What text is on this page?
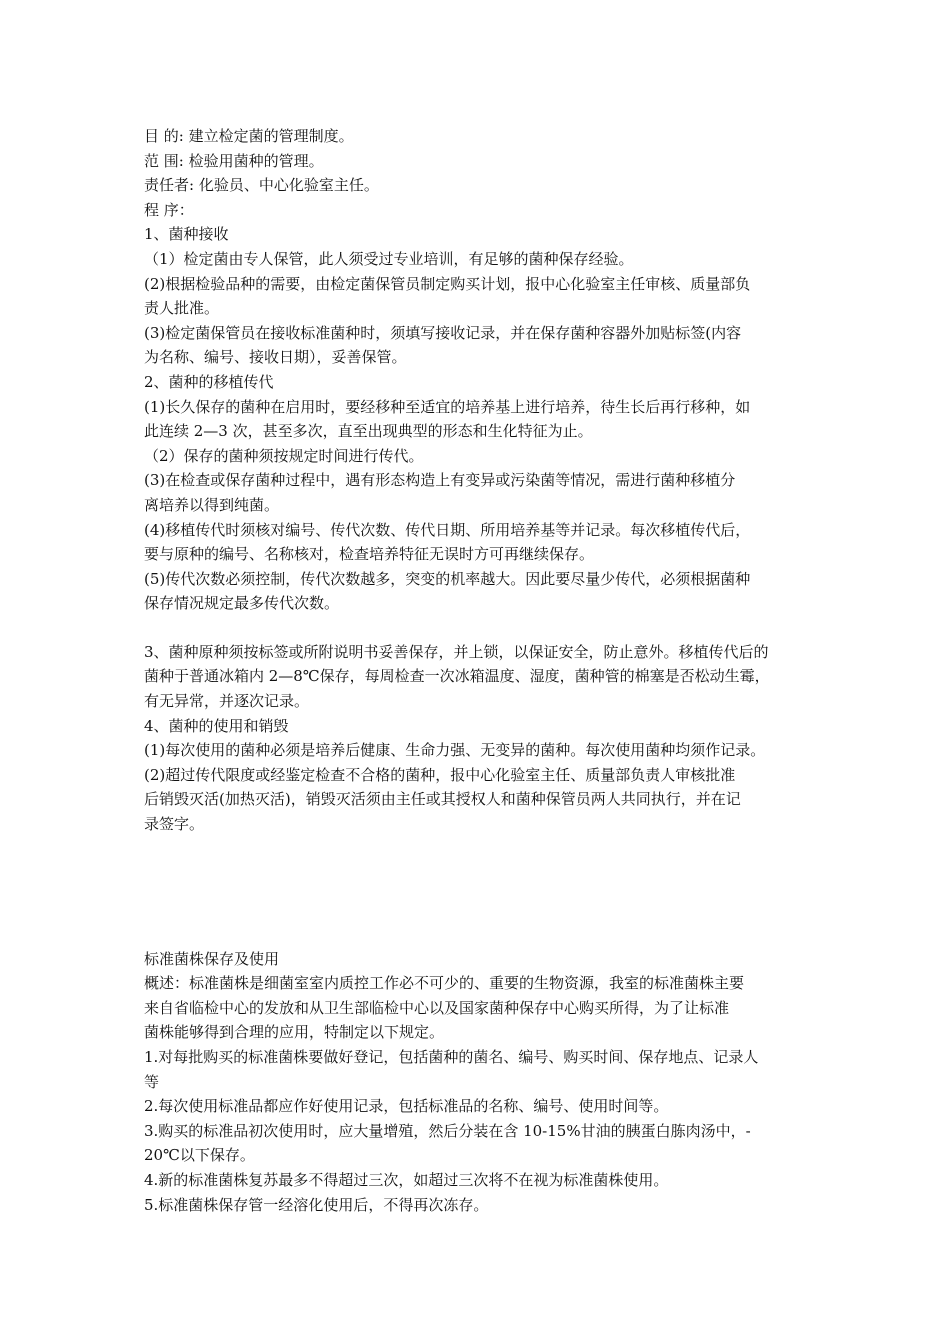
目 的: 建立检定菌的管理制度。
范 围: 检验用菌种的管理。
责任者: 化验员、中心化验室主任。
程 序：
1、菌种接收
（1）检定菌由专人保管，此人须受过专业培训，有足够的菌种保存经验。
(2)根据检验品种的需要，由检定菌保管员制定购买计划，报中心化验室主任审核、质量部负
责人批准。
(3)检定菌保管员在接收标准菌种时，须填写接收记录，并在保存菌种容器外加贴标签(内容
为名称、编号、接收日期），妥善保管。
2、菌种的移植传代
(1)长久保存的菌种在启用时，要经移种至适宜的培养基上进行培养，待生长后再行移种，如
此连续 2—3 次，甚至多次，直至出现典型的形态和生化特征为止。
（2）保存的菌种须按规定时间进行传代。
(3)在检查或保存菌种过程中，遇有形态构造上有变异或污染菌等情况，需进行菌种移植分
离培养以得到纯菌。
(4)移植传代时须核对编号、传代次数、传代日期、所用培养基等并记录。每次移植传代后，
要与原种的编号、名称核对，检查培养特征无误时方可再继续保存。
(5)传代次数必须控制，传代次数越多，突变的机率越大。因此要尽量少传代，必须根据菌种
保存情况规定最多传代次数。
3、菌种原种须按标签或所附说明书妥善保存，并上锁，以保证安全，防止意外。移植传代后的
菌种于普通冰箱内 2—8℃保存，每周检查一次冰箱温度、湿度，菌种管的棉塞是否松动生霉，
有无异常，并逐次记录。
4、菌种的使用和销毁
(1)每次使用的菌种必须是培养后健康、生命力强、无变异的菌种。每次使用菌种均须作记录。
(2)超过传代限度或经鉴定检查不合格的菌种，报中心化验室主任、质量部负责人审核批准
后销毁灭活(加热灭活)，销毁灭活须由主任或其授权人和菌种保管员两人共同执行，并在记
录签字。
标准菌株保存及使用
概述：标准菌株是细菌室室内质控工作必不可少的、重要的生物资源，我室的标准菌株主要
来自省临检中心的发放和从卫生部临检中心以及国家菌种保存中心购买所得，为了让标准
菌株能够得到合理的应用，特制定以下规定。
1.对每批购买的标准菌株要做好登记，包括菌种的菌名、编号、购买时间、保存地点、记录人
等
2.每次使用标准品都应作好使用记录，包括标准品的名称、编号、使用时间等。
3.购买的标准品初次使用时，应大量增殖，然后分装在含 10-15%甘油的胰蛋白胨肉汤中，-
20℃以下保存。
4.新的标准菌株复苏最多不得超过三次，如超过三次将不在视为标准菌株使用。
5.标准菌株保存管一经溶化使用后，不得再次冻存。
